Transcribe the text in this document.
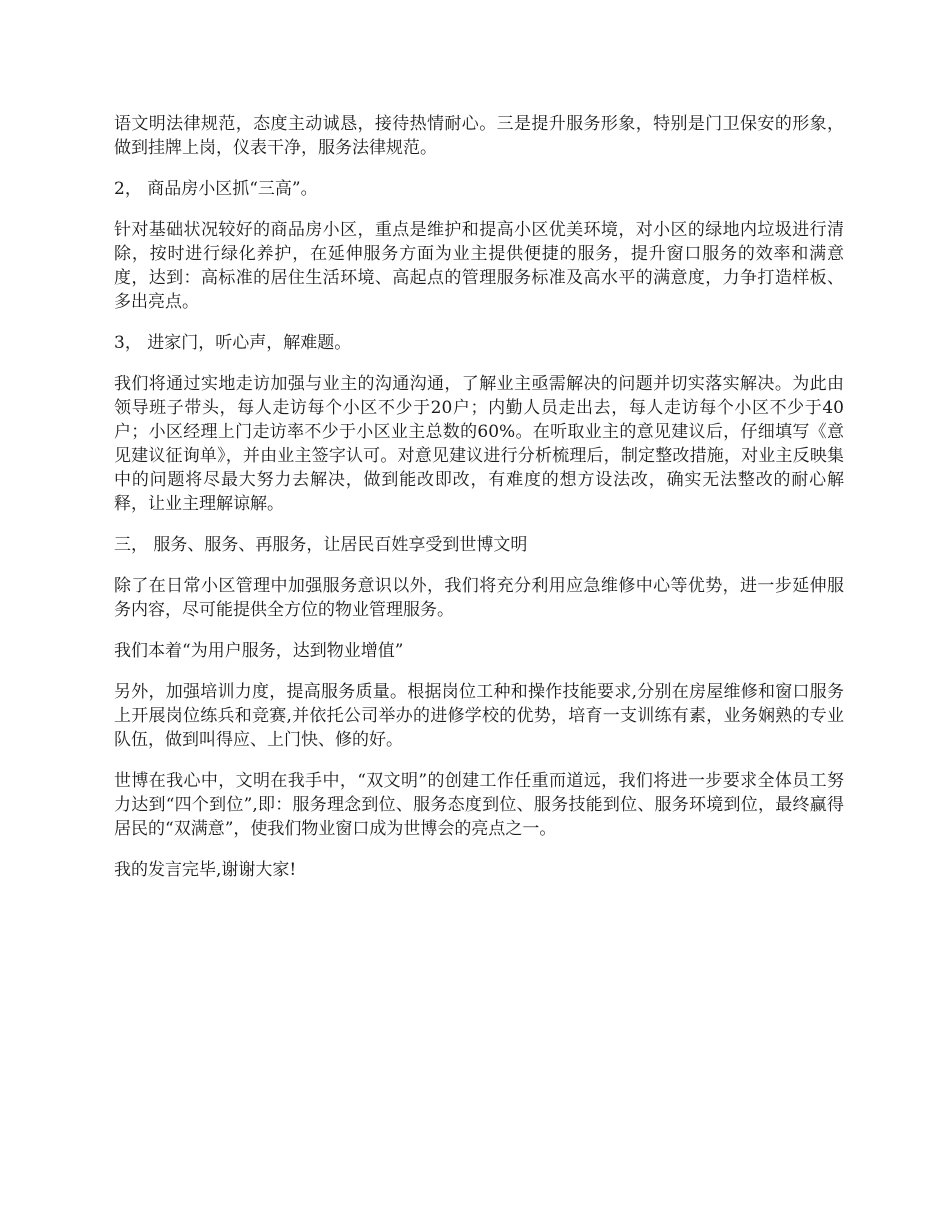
语文明法律规范，态度主动诚恳，接待热情耐心。三是提升服务形象，特别是门卫保安的形象，做到挂牌上岗，仪表干净，服务法律规范。

2， 商品房小区抓“三高”。

针对基础状况较好的商品房小区，重点是维护和提高小区优美环境，对小区的绿地内垃圾进行清除，按时进行绿化养护，在延伸服务方面为业主提供便捷的服务，提升窗口服务的效率和满意度，达到：高标准的居住生活环境、高起点的管理服务标准及高水平的满意度，力争打造样板、多出亮点。

3， 进家门，听心声，解难题。

我们将通过实地走访加强与业主的沟通沟通，了解业主亟需解决的问题并切实落实解决。为此由领导班子带头，每人走访每个小区不少于20户；内勤人员走出去，每人走访每个小区不少于40户；小区经理上门走访率不少于小区业主总数的60%。在听取业主的意见建议后，仔细填写《意见建议征询单》，并由业主签字认可。对意见建议进行分析梳理后，制定整改措施，对业主反映集中的问题将尽最大努力去解决，做到能改即改，有难度的想方设法改，确实无法整改的耐心解释，让业主理解谅解。

三， 服务、服务、再服务，让居民百姓享受到世博文明

除了在日常小区管理中加强服务意识以外，我们将充分利用应急维修中心等优势，进一步延伸服务内容，尽可能提供全方位的物业管理服务。

我们本着“为用户服务，达到物业增值”

另外，加强培训力度，提高服务质量。根据岗位工种和操作技能要求,分别在房屋维修和窗口服务上开展岗位练兵和竞赛,并依托公司举办的进修学校的优势，培育一支训练有素，业务娴熟的专业队伍，做到叫得应、上门快、修的好。

世博在我心中，文明在我手中，“双文明”的创建工作任重而道远，我们将进一步要求全体员工努力达到“四个到位”,即：服务理念到位、服务态度到位、服务技能到位、服务环境到位，最终赢得居民的“双满意”，使我们物业窗口成为世博会的亮点之一。

我的发言完毕,谢谢大家!
